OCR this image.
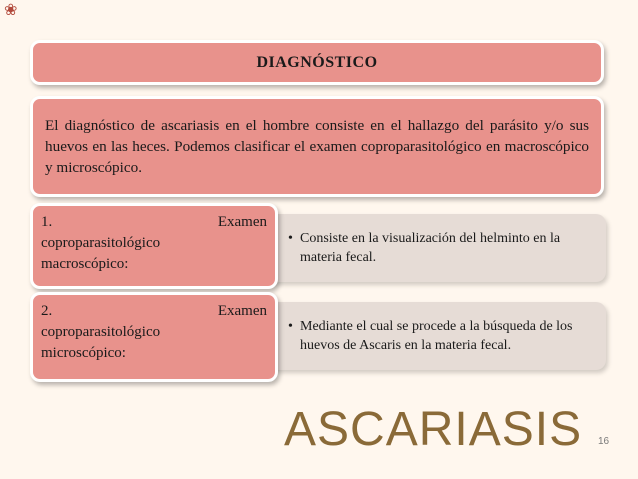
❀
DIAGNÓSTICO
El diagnóstico de ascariasis en el hombre consiste en el hallazgo del parásito y/o sus huevos en las heces. Podemos clasificar el examen coproparasitológico en macroscópico y microscópico.
• Consiste en la visualización del helminto en la materia fecal.
• Mediante el cual se procede a la búsqueda de los huevos de Ascaris en la materia fecal.
1.	Examen
coproparasitológico
macroscópico:
2.	Examen
coproparasitológico
microscópico:
ASCARIASIS 16
